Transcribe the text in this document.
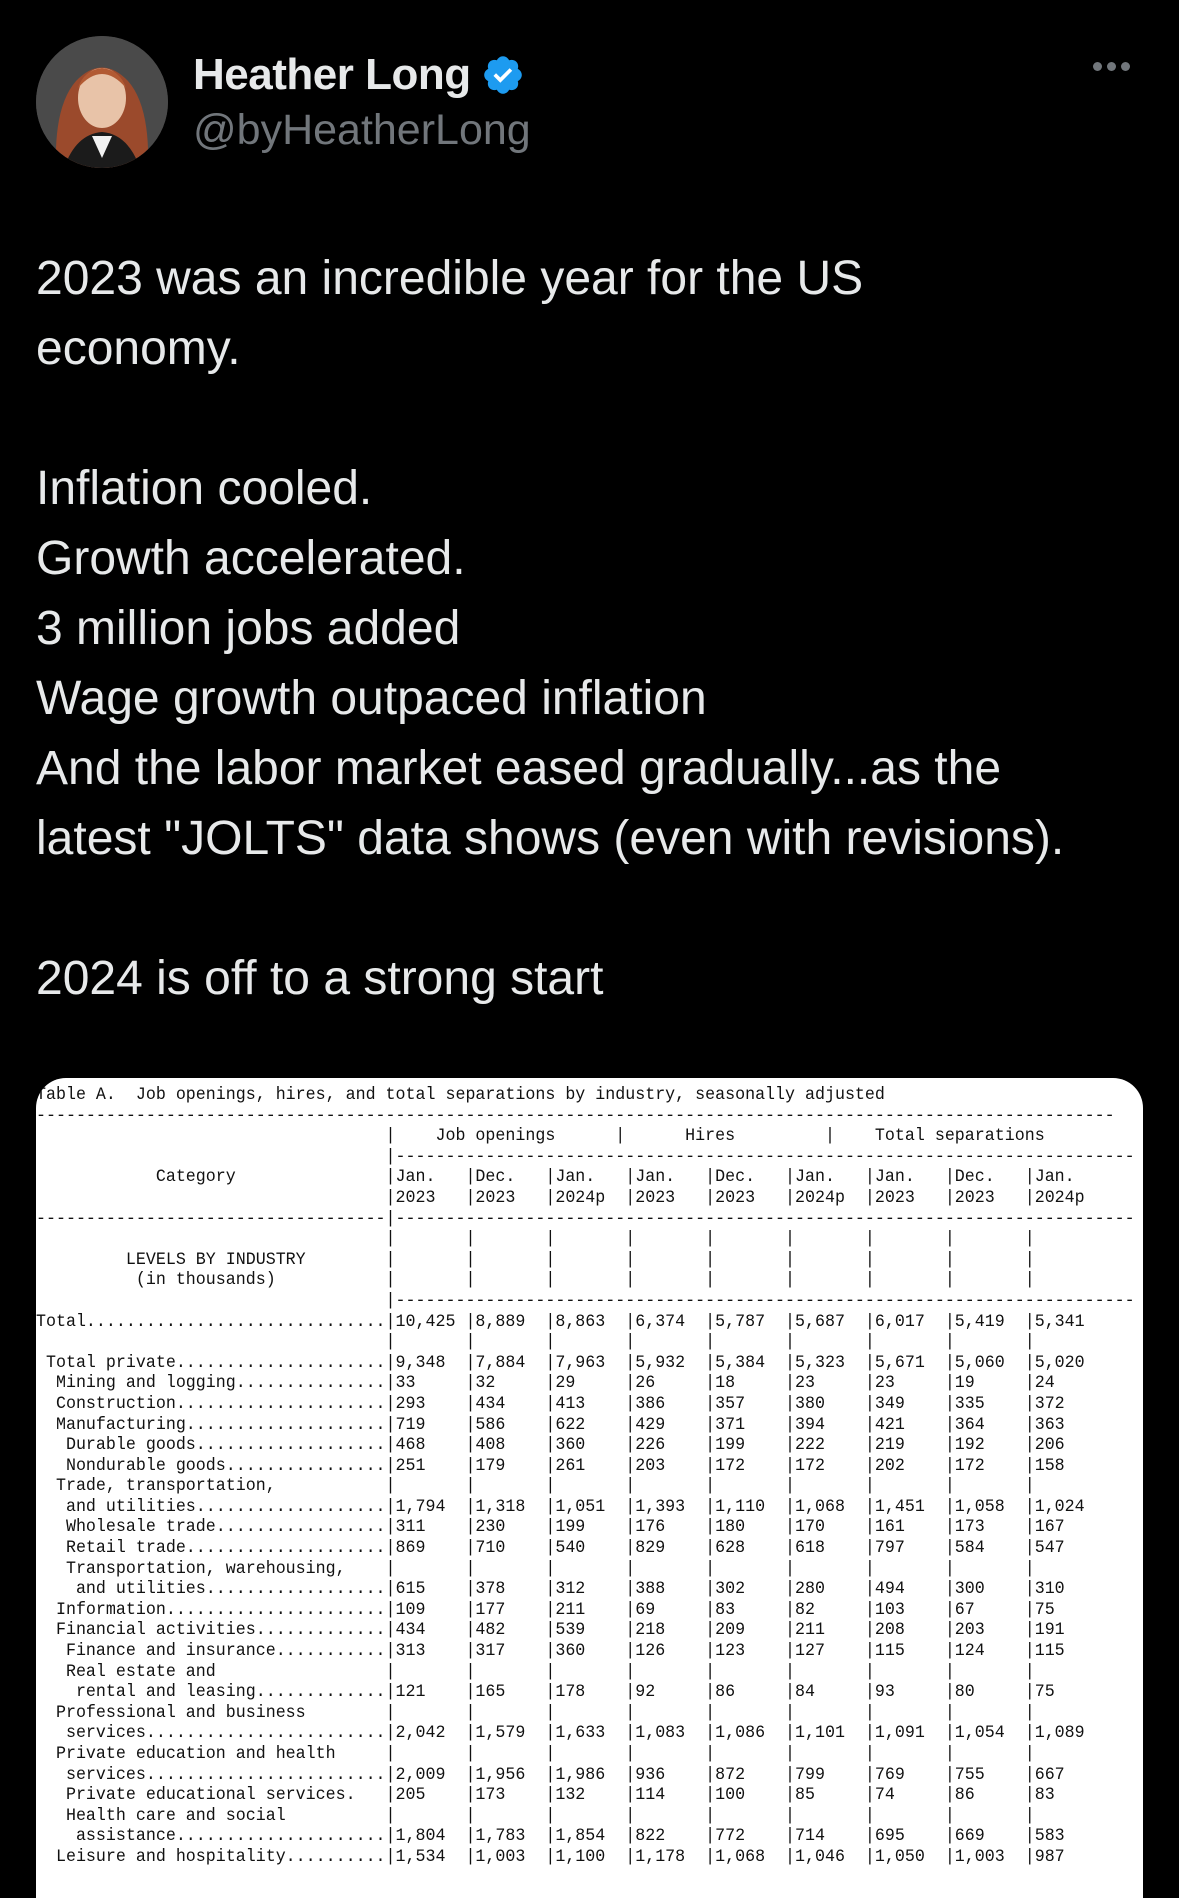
Heather Long
@byHeatherLong

2023 was an incredible year for the US

economy.

Inflation cooled.

Growth accelerated.

3 million jobs added

Wage growth outpaced inflation

And the labor market eased gradually...as the

latest "JOLTS" data shows (even with revisions).

2024 is off to a strong start

Table A.  Job openings, hires, and total separations by industry, seasonally adjusted
------------------------------------------------------------------------------------------------------------
|    Job openings      |      Hires         |    Total separations
|--------------------------------------------------------------------------
Category               |Jan.   |Dec.   |Jan.   |Jan.   |Dec.   |Jan.   |Jan.   |Dec.   |Jan.
|2023   |2023   |2024p  |2023   |2023   |2024p  |2023   |2023   |2024p
-----------------------------------|--------------------------------------------------------------------------
|       |       |       |       |       |       |       |       |
LEVELS BY INDUSTRY        |       |       |       |       |       |       |       |       |
(in thousands)           |       |       |       |       |       |       |       |       |
|--------------------------------------------------------------------------
Total..............................|10,425 |8,889  |8,863  |6,374  |5,787  |5,687  |6,017  |5,419  |5,341
|       |       |       |       |       |       |       |       |
Total private.....................|9,348  |7,884  |7,963  |5,932  |5,384  |5,323  |5,671  |5,060  |5,020
Mining and logging...............|33     |32     |29     |26     |18     |23     |23     |19     |24
Construction.....................|293    |434    |413    |386    |357    |380    |349    |335    |372
Manufacturing....................|719    |586    |622    |429    |371    |394    |421    |364    |363
Durable goods...................|468    |408    |360    |226    |199    |222    |219    |192    |206
Nondurable goods................|251    |179    |261    |203    |172    |172    |202    |172    |158
Trade, transportation,           |       |       |       |       |       |       |       |       |
and utilities...................|1,794  |1,318  |1,051  |1,393  |1,110  |1,068  |1,451  |1,058  |1,024
Wholesale trade.................|311    |230    |199    |176    |180    |170    |161    |173    |167
Retail trade....................|869    |710    |540    |829    |628    |618    |797    |584    |547
Transportation, warehousing,    |       |       |       |       |       |       |       |       |
and utilities..................|615    |378    |312    |388    |302    |280    |494    |300    |310
Information......................|109    |177    |211    |69     |83     |82     |103    |67     |75
Financial activities.............|434    |482    |539    |218    |209    |211    |208    |203    |191
Finance and insurance...........|313    |317    |360    |126    |123    |127    |115    |124    |115
Real estate and                 |       |       |       |       |       |       |       |       |
rental and leasing.............|121    |165    |178    |92     |86     |84     |93     |80     |75
Professional and business        |       |       |       |       |       |       |       |       |
services........................|2,042  |1,579  |1,633  |1,083  |1,086  |1,101  |1,091  |1,054  |1,089
Private education and health     |       |       |       |       |       |       |       |       |
services........................|2,009  |1,956  |1,986  |936    |872    |799    |769    |755    |667
Private educational services.   |205    |173    |132    |114    |100    |85     |74     |86     |83
Health care and social          |       |       |       |       |       |       |       |       |
assistance.....................|1,804  |1,783  |1,854  |822    |772    |714    |695    |669    |583
Leisure and hospitality..........|1,534  |1,003  |1,100  |1,178  |1,068  |1,046  |1,050  |1,003  |987
